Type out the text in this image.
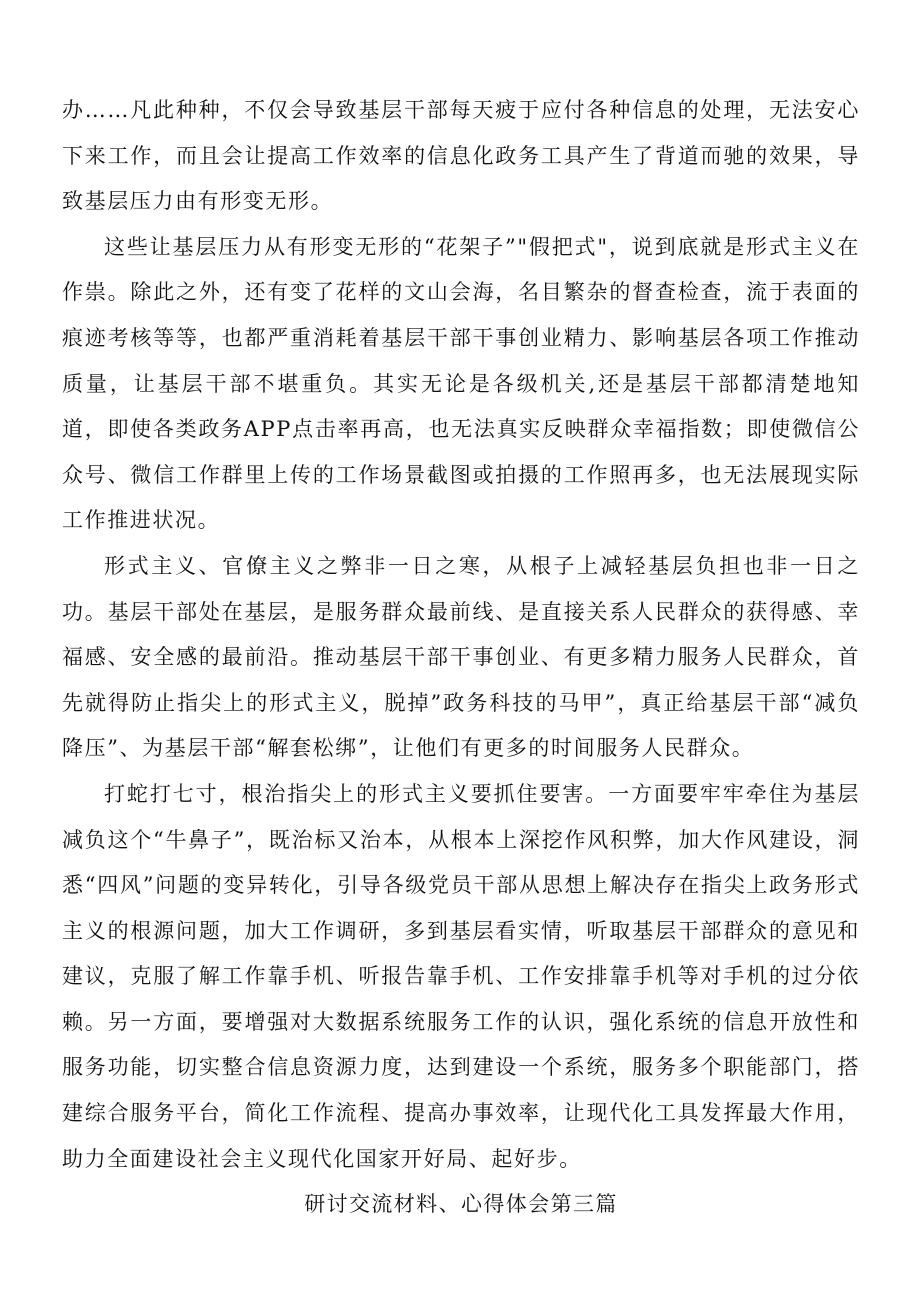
办……凡此种种，不仅会导致基层干部每天疲于应付各种信息的处理，无法安心下来工作，而且会让提高工作效率的信息化政务工具产生了背道而驰的效果，导致基层压力由有形变无形。

这些让基层压力从有形变无形的“花架子”"假把式"，说到底就是形式主义在作祟。除此之外，还有变了花样的文山会海，名目繁杂的督查检查，流于表面的痕迹考核等等，也都严重消耗着基层干部干事创业精力、影响基层各项工作推动质量，让基层干部不堪重负。其实无论是各级机关,还是基层干部都清楚地知道，即使各类政务APP点击率再高，也无法真实反映群众幸福指数；即使微信公众号、微信工作群里上传的工作场景截图或拍摄的工作照再多，也无法展现实际工作推进状况。

形式主义、官僚主义之弊非一日之寒，从根子上减轻基层负担也非一日之功。基层干部处在基层，是服务群众最前线、是直接关系人民群众的获得感、幸福感、安全感的最前沿。推动基层干部干事创业、有更多精力服务人民群众，首先就得防止指尖上的形式主义，脱掉”政务科技的马甲”，真正给基层干部“减负降压”、为基层干部“解套松绑”，让他们有更多的时间服务人民群众。

打蛇打七寸，根治指尖上的形式主义要抓住要害。一方面要牢牢牵住为基层减负这个“牛鼻子”，既治标又治本，从根本上深挖作风积弊，加大作风建设，洞悉“四风”问题的变异转化，引导各级党员干部从思想上解决存在指尖上政务形式主义的根源问题，加大工作调研，多到基层看实情，听取基层干部群众的意见和建议，克服了解工作靠手机、听报告靠手机、工作安排靠手机等对手机的过分依赖。另一方面，要增强对大数据系统服务工作的认识，强化系统的信息开放性和服务功能，切实整合信息资源力度，达到建设一个系统，服务多个职能部门，搭建综合服务平台，简化工作流程、提高办事效率，让现代化工具发挥最大作用，助力全面建设社会主义现代化国家开好局、起好步。

研讨交流材料、心得体会第三篇
